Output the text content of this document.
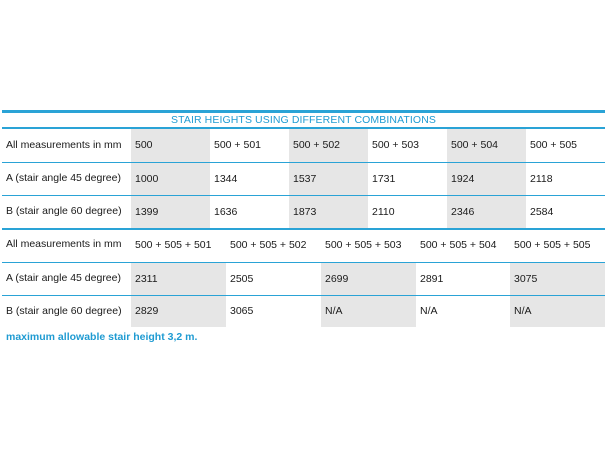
STAIR HEIGHTS USING DIFFERENT COMBINATIONS
All measurements in mm	500	500 + 501	500 + 502	500 + 503	500 + 504	500 + 505
A (stair angle 45 degree)	1000	1344	1537	1731	1924	2118
B (stair angle 60 degree)	1399	1636	1873	2110	2346	2584
All measurements in mm	500 + 505 + 501	500 + 505 + 502	500 + 505 + 503	500 + 505 + 504	500 + 505 + 505
A (stair angle 45 degree)	2311	2505	2699	2891	3075
B (stair angle 60 degree)	2829	3065	N/A	N/A	N/A
maximum allowable stair height 3,2 m.
